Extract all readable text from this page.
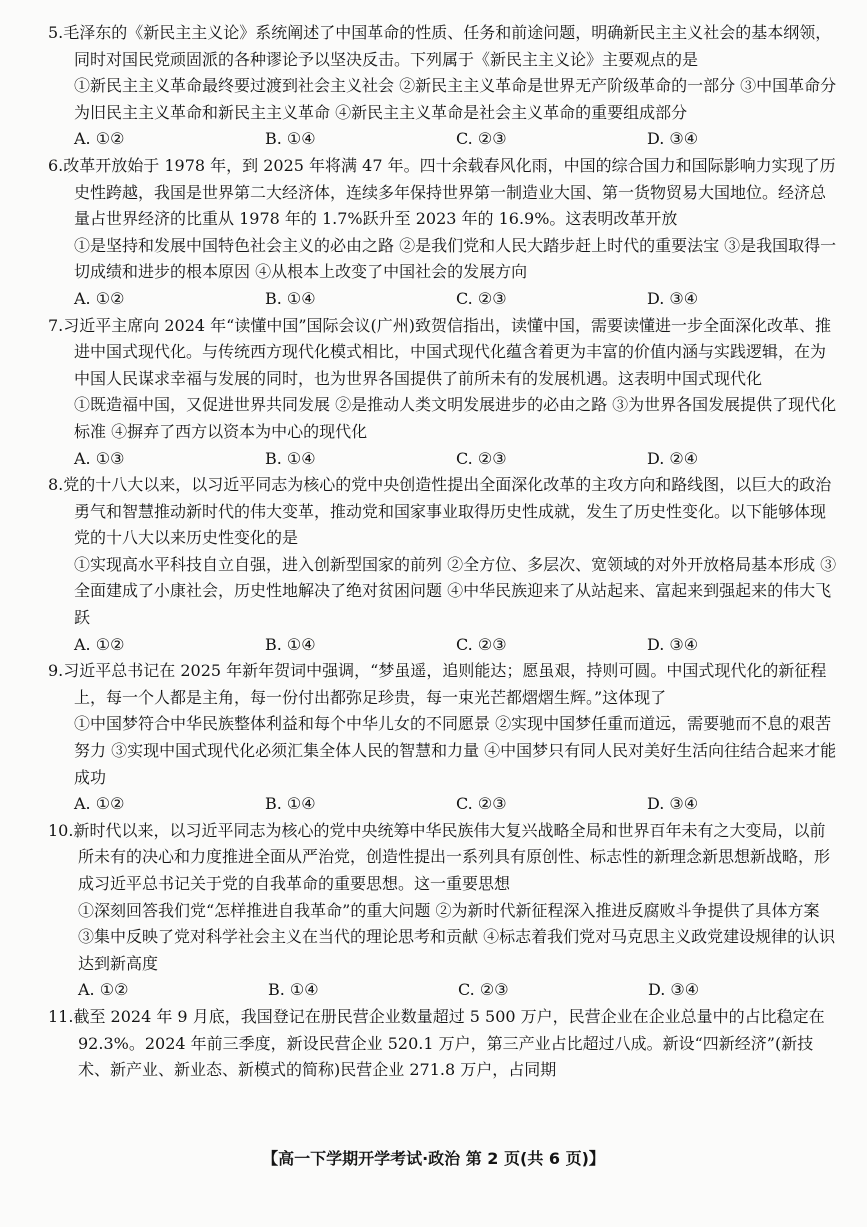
5.毛泽东的《新民主主义论》系统阐述了中国革命的性质、任务和前途问题，明确新民主主义社会的基本纲领，同时对国民党顽固派的各种谬论予以坚决反击。下列属于《新民主主义论》主要观点的是

①新民主主义革命最终要过渡到社会主义社会 ②新民主主义革命是世界无产阶级革命的一部分 ③中国革命分为旧民主主义革命和新民主主义革命 ④新民主主义革命是社会主义革命的重要组成部分

A. ①②	B. ①④	C. ②③	D. ③④

6.改革开放始于 1978 年，到 2025 年将满 47 年。四十余载春风化雨，中国的综合国力和国际影响力实现了历史性跨越，我国是世界第二大经济体，连续多年保持世界第一制造业大国、第一货物贸易大国地位。经济总量占世界经济的比重从 1978 年的 1.7%跃升至 2023 年的 16.9%。这表明改革开放

①是坚持和发展中国特色社会主义的必由之路 ②是我们党和人民大踏步赶上时代的重要法宝 ③是我国取得一切成绩和进步的根本原因 ④从根本上改变了中国社会的发展方向

A. ①②	B. ①④	C. ②③	D. ③④

7.习近平主席向 2024 年“读懂中国”国际会议(广州)致贺信指出，读懂中国，需要读懂进一步全面深化改革、推进中国式现代化。与传统西方现代化模式相比，中国式现代化蕴含着更为丰富的价值内涵与实践逻辑，在为中国人民谋求幸福与发展的同时，也为世界各国提供了前所未有的发展机遇。这表明中国式现代化

①既造福中国，又促进世界共同发展 ②是推动人类文明发展进步的必由之路 ③为世界各国发展提供了现代化标准 ④摒弃了西方以资本为中心的现代化

A. ①③	B. ①④	C. ②③	D. ②④

8.党的十八大以来，以习近平同志为核心的党中央创造性提出全面深化改革的主攻方向和路线图，以巨大的政治勇气和智慧推动新时代的伟大变革，推动党和国家事业取得历史性成就，发生了历史性变化。以下能够体现党的十八大以来历史性变化的是

①实现高水平科技自立自强，进入创新型国家的前列 ②全方位、多层次、宽领域的对外开放格局基本形成 ③全面建成了小康社会，历史性地解决了绝对贫困问题 ④中华民族迎来了从站起来、富起来到强起来的伟大飞跃

A. ①②	B. ①④	C. ②③	D. ③④

9.习近平总书记在 2025 年新年贺词中强调，“梦虽遥，追则能达；愿虽艰，持则可圆。中国式现代化的新征程上，每一个人都是主角，每一份付出都弥足珍贵，每一束光芒都熠熠生辉。”这体现了

①中国梦符合中华民族整体利益和每个中华儿女的不同愿景 ②实现中国梦任重而道远，需要驰而不息的艰苦努力 ③实现中国式现代化必须汇集全体人民的智慧和力量 ④中国梦只有同人民对美好生活向往结合起来才能成功

A. ①②	B. ①④	C. ②③	D. ③④

10.新时代以来，以习近平同志为核心的党中央统筹中华民族伟大复兴战略全局和世界百年未有之大变局，以前所未有的决心和力度推进全面从严治党，创造性提出一系列具有原创性、标志性的新理念新思想新战略，形成习近平总书记关于党的自我革命的重要思想。这一重要思想

①深刻回答我们党“怎样推进自我革命”的重大问题 ②为新时代新征程深入推进反腐败斗争提供了具体方案 ③集中反映了党对科学社会主义在当代的理论思考和贡献 ④标志着我们党对马克思主义政党建设规律的认识达到新高度

A. ①②	B. ①④	C. ②③	D. ③④

11.截至 2024 年 9 月底，我国登记在册民营企业数量超过 5 500 万户，民营企业在企业总量中的占比稳定在 92.3%。2024 年前三季度，新设民营企业 520.1 万户，第三产业占比超过八成。新设“四新经济”(新技术、新产业、新业态、新模式的简称)民营企业 271.8 万户，占同期

【高一下学期开学考试·政治 第 2 页(共 6 页)】
